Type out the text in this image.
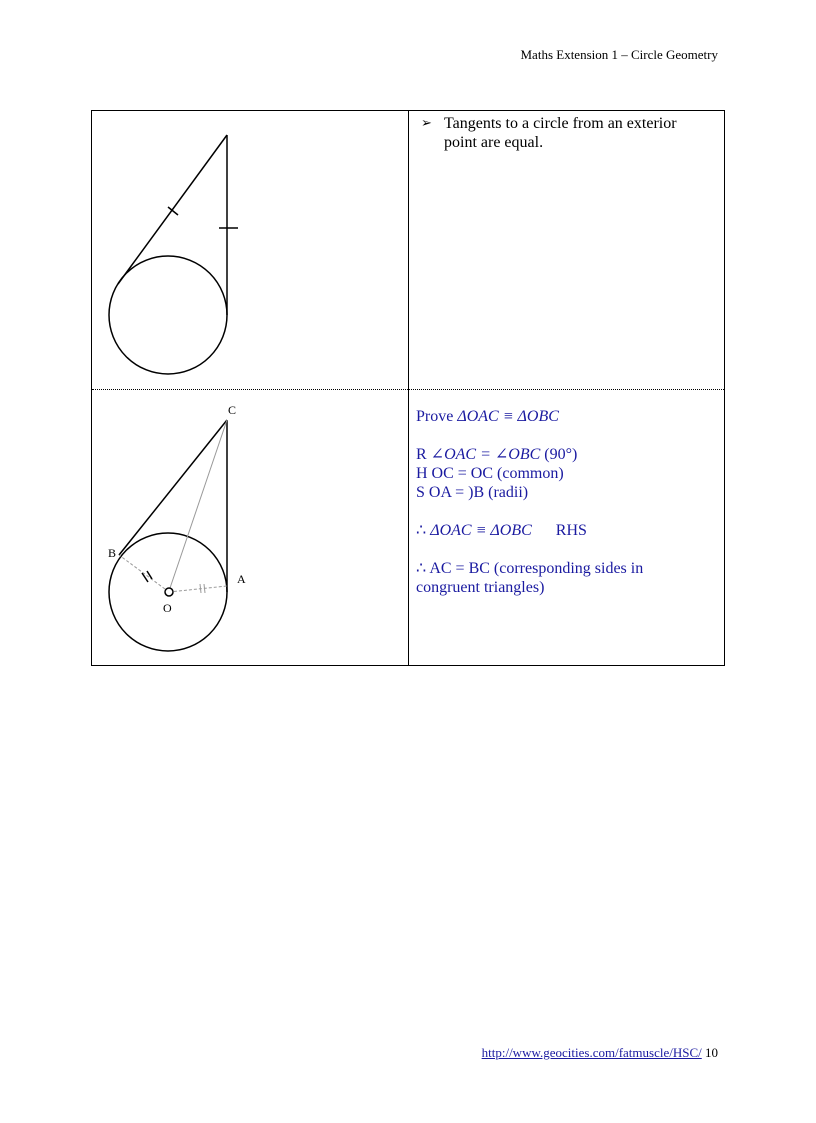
Maths Extension 1 – Circle Geometry
➢ Tangents to a circle from an exterior point are equal.
C
B
A
O
Prove ΔOAC ≡ ΔOBC
R ∠OAC = ∠OBC (90°)
H OC = OC (common)
S OA = )B (radii)
∴ ΔOAC ≡ ΔOBC RHS
∴ AC = BC (corresponding sides in
congruent triangles)
http://www.geocities.com/fatmuscle/HSC/ 10
